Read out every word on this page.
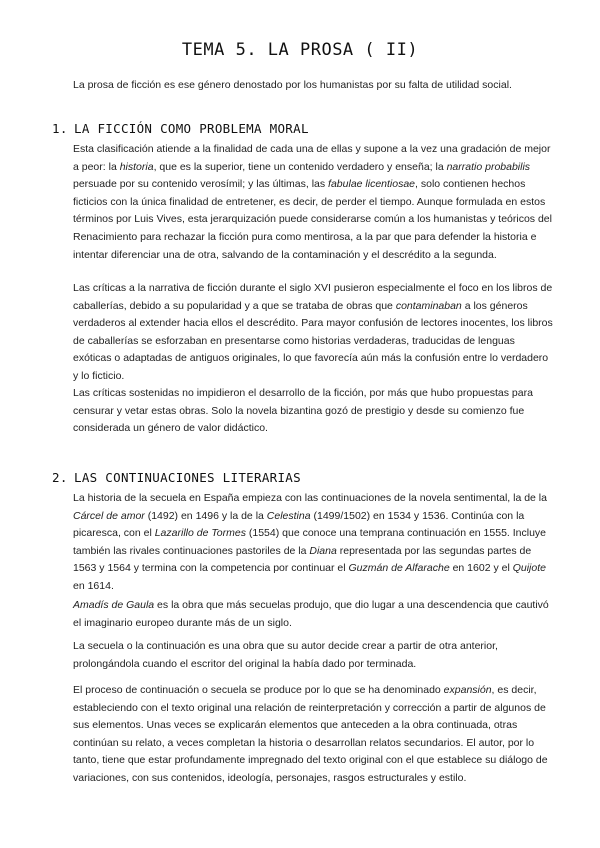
TEMA 5. LA PROSA ( II)
La prosa de ficción es ese género denostado por los humanistas por su falta de utilidad social.
1. LA FICCIÓN COMO PROBLEMA MORAL

Esta clasificación atiende a la finalidad de cada una de ellas y supone a la vez una gradación de mejor a peor: la historia, que es la superior, tiene un contenido verdadero y enseña; la narratio probabilis persuade por su contenido verosímil; y las últimas, las fabulae licentiosae, solo contienen hechos ficticios con la única finalidad de entretener, es decir, de perder el tiempo. Aunque formulada en estos términos por Luis Vives, esta jerarquización puede considerarse común a los humanistas y teóricos del Renacimiento para rechazar la ficción pura como mentirosa, a la par que para defender la historia e intentar diferenciar una de otra, salvando de la contaminación y el descrédito a la segunda.

Las críticas a la narrativa de ficción durante el siglo XVI pusieron especialmente el foco en los libros de caballerías, debido a su popularidad y a que se trataba de obras que contaminaban a los géneros verdaderos al extender hacia ellos el descrédito. Para mayor confusión de lectores inocentes, los libros de caballerías se esforzaban en presentarse como historias verdaderas, traducidas de lenguas exóticas o adaptadas de antiguos originales, lo que favorecía aún más la confusión entre lo verdadero y lo ficticio.

Las críticas sostenidas no impidieron el desarrollo de la ficción, por más que hubo propuestas para censurar y vetar estas obras. Solo la novela bizantina gozó de prestigio y desde su comienzo fue considerada un género de valor didáctico.

2. LAS CONTINUACIONES LITERARIAS

La historia de la secuela en España empieza con las continuaciones de la novela sentimental, la de la Cárcel de amor (1492) en 1496 y la de la Celestina (1499/1502) en 1534 y 1536. Continúa con la picaresca, con el Lazarillo de Tormes (1554) que conoce una temprana continuación en 1555. Incluye también las rivales continuaciones pastoriles de la Diana representada por las segundas partes de 1563 y 1564 y termina con la competencia por continuar el Guzmán de Alfarache en 1602 y el Quijote en 1614.

Amadís de Gaula es la obra que más secuelas produjo, que dio lugar a una descendencia que cautivó el imaginario europeo durante más de un siglo.

La secuela o la continuación es una obra que su autor decide crear a partir de otra anterior, prolongándola cuando el escritor del original la había dado por terminada.

El proceso de continuación o secuela se produce por lo que se ha denominado expansión, es decir, estableciendo con el texto original una relación de reinterpretación y corrección a partir de algunos de sus elementos. Unas veces se explicarán elementos que anteceden a la obra continuada, otras continúan su relato, a veces completan la historia o desarrollan relatos secundarios. El autor, por lo tanto, tiene que estar profundamente impregnado del texto original con el que establece su diálogo de variaciones, con sus contenidos, ideología, personajes, rasgos estructurales y estilo.
